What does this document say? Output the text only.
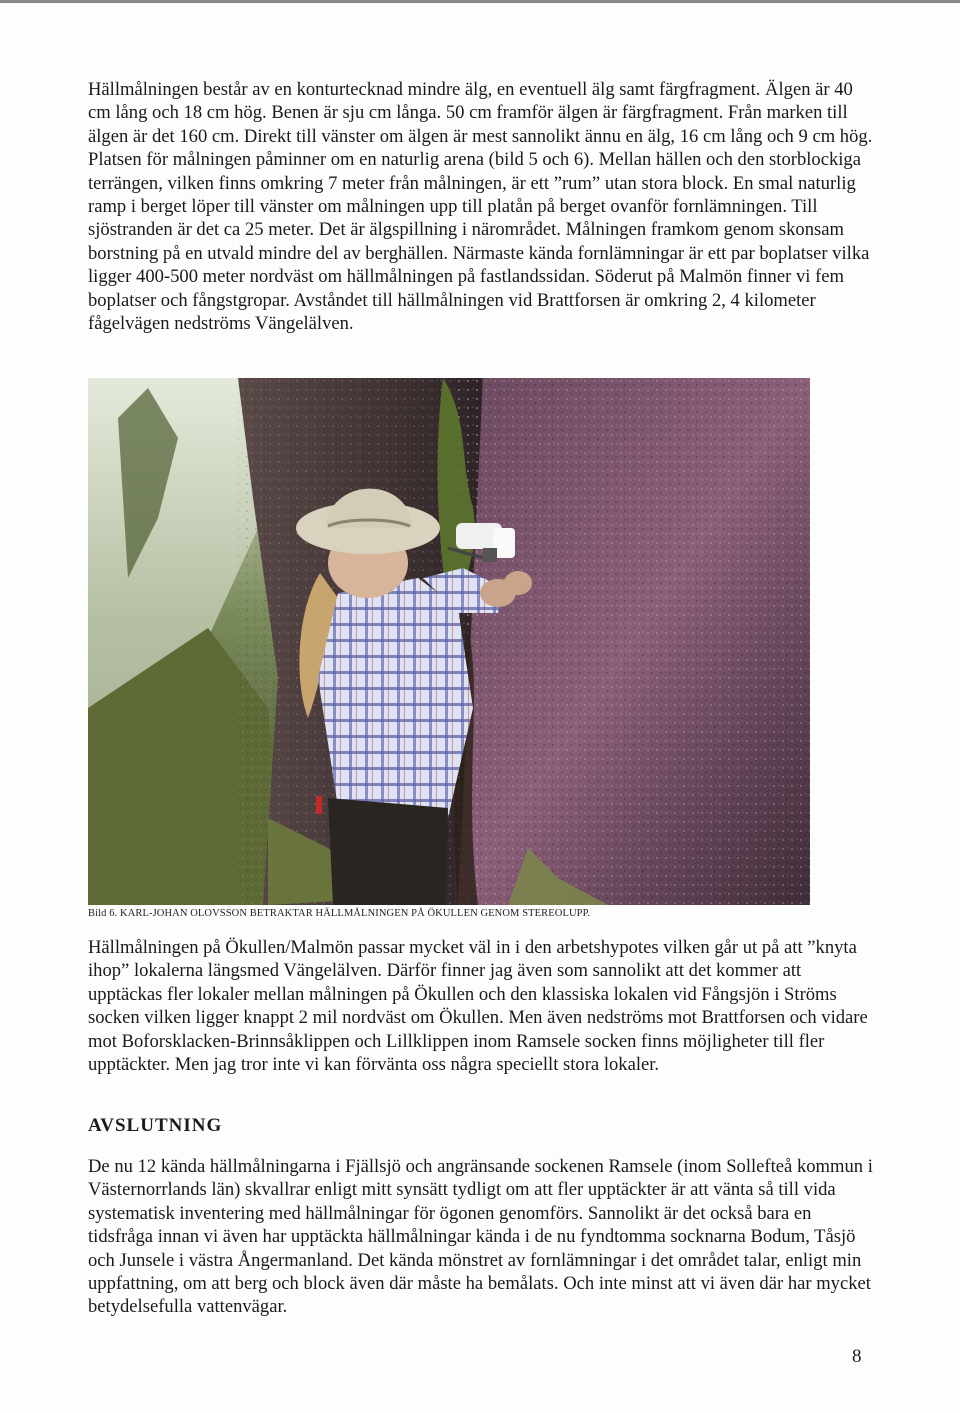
Hällmålningen består av en konturtecknad mindre älg, en eventuell älg samt färgfragment. Älgen är 40 cm lång och 18 cm hög. Benen är sju cm långa. 50 cm framför älgen är färgfragment. Från marken till älgen är det 160 cm. Direkt till vänster om älgen är mest sannolikt ännu en älg, 16 cm lång och 9 cm hög. Platsen för målningen påminner om en naturlig arena (bild 5 och 6). Mellan hällen och den storblockiga terrängen, vilken finns omkring 7 meter från målningen, är ett ”rum” utan stora block. En smal naturlig ramp i berget löper till vänster om målningen upp till platån på berget ovanför fornlämningen. Till sjöstranden är det ca 25 meter. Det är älgspillning i närområdet. Målningen framkom genom skonsam borstning på en utvald mindre del av berghällen. Närmaste kända fornlämningar är ett par boplatser vilka ligger 400-500 meter nordväst om hällmålningen på fastlandssidan. Söderut på Malmön finner vi fem boplatser och fångstgropar. Avståndet till hällmålningen vid Brattforsen är omkring 2, 4 kilometer fågelvägen nedströms Vängelälven.

Bild 6. KARL-JOHAN OLOVSSON BETRAKTAR HÄLLMÅLNINGEN PÅ ÖKULLEN GENOM STEREOLUPP.

Hällmålningen på Ökullen/Malmön passar mycket väl in i den arbetshypotes vilken går ut på att ”knyta ihop” lokalerna längsmed Vängelälven. Därför finner jag även som sannolikt att det kommer att upptäckas fler lokaler mellan målningen på Ökullen och den klassiska lokalen vid Fångsjön i Ströms socken vilken ligger knappt 2 mil nordväst om Ökullen. Men även nedströms mot Brattforsen och vidare mot Boforsklacken-Brinnsåklippen och Lillklippen inom Ramsele socken finns möjligheter till fler upptäckter. Men jag tror inte vi kan förvänta oss några speciellt stora lokaler.

AVSLUTNING

De nu 12 kända hällmålningarna i Fjällsjö och angränsande sockenen Ramsele (inom Sollefteå kommun i Västernorrlands län) skvallrar enligt mitt synsätt tydligt om att fler upptäckter är att vänta så till vida systematisk inventering med hällmålningar för ögonen genomförs. Sannolikt är det också bara en tidsfråga innan vi även har upptäckta hällmålningar kända i de nu fyndtomma socknarna Bodum, Tåsjö och Junsele i västra Ångermanland. Det kända mönstret av fornlämningar i det området talar, enligt min uppfattning, om att berg och block även där måste ha bemålats. Och inte minst att vi även där har mycket betydelsefulla vattenvägar.

8
